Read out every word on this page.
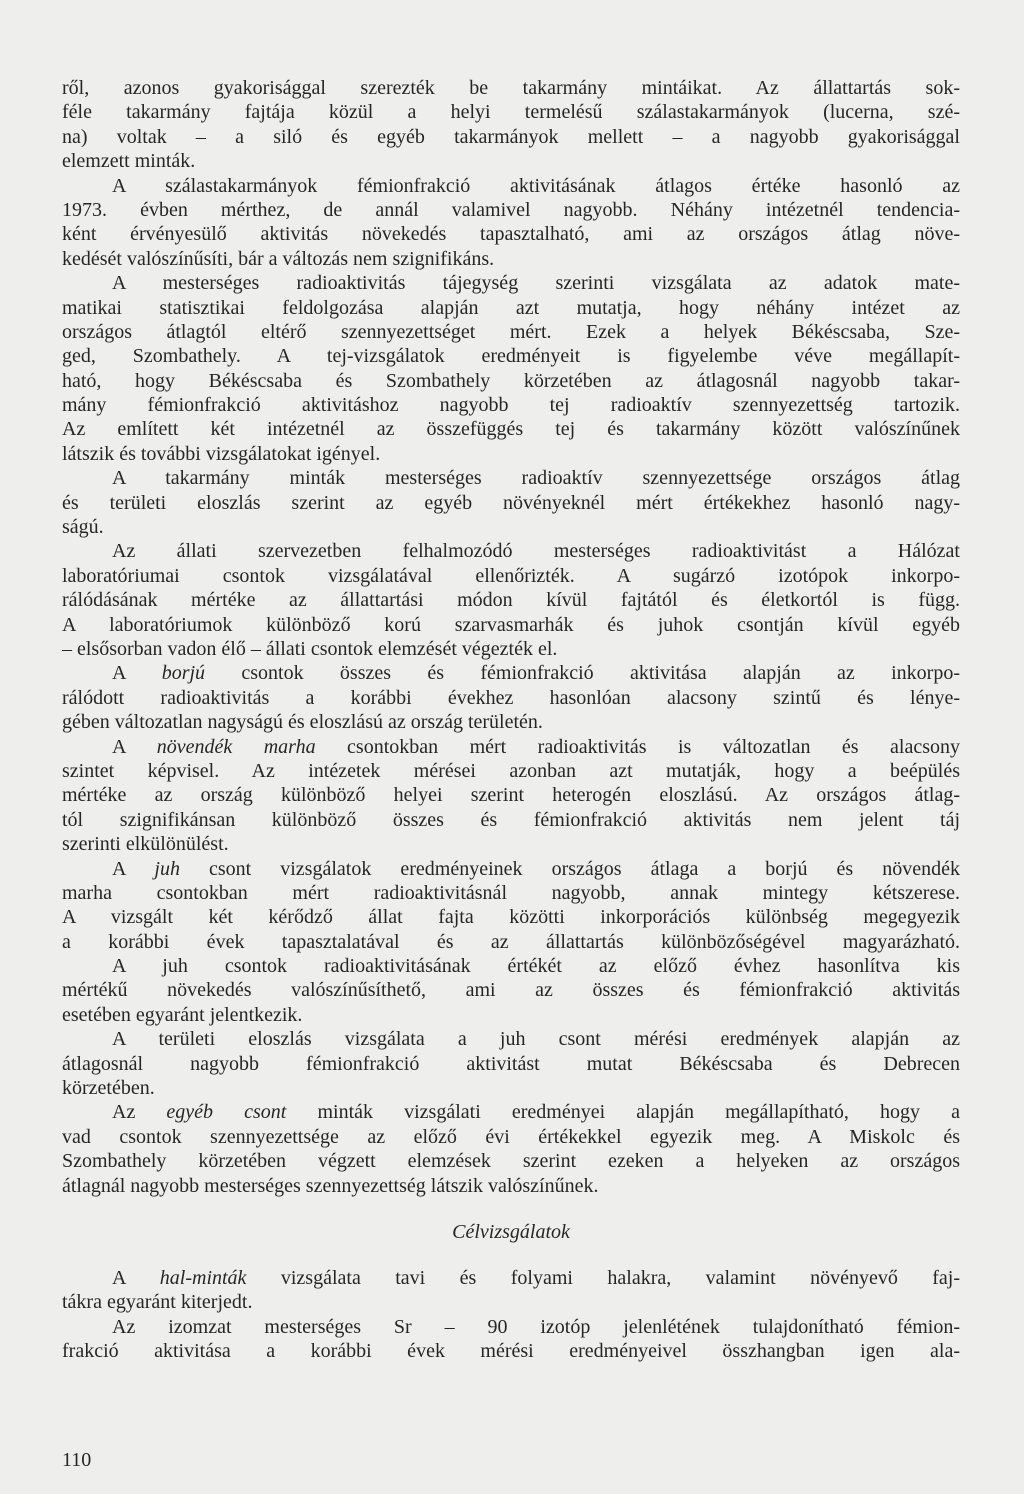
ről, azonos gyakorisággal szerezték be takarmány mintáikat. Az állattartás sok-
féle takarmány fajtája közül a helyi termelésű szálastakarmányok (lucerna, szé-
na) voltak – a siló és egyéb takarmányok mellett – a nagyobb gyakorisággal
elemzett minták.
A szálastakarmányok fémionfrakció aktivitásának átlagos értéke hasonló az
1973. évben mérthez, de annál valamivel nagyobb. Néhány intézetnél tendencia-
ként érvényesülő aktivitás növekedés tapasztalható, ami az országos átlag növe-
kedését valószínűsíti, bár a változás nem szignifikáns.
A mesterséges radioaktivitás tájegység szerinti vizsgálata az adatok mate-
matikai statisztikai feldolgozása alapján azt mutatja, hogy néhány intézet az
országos átlagtól eltérő szennyezettséget mért. Ezek a helyek Békéscsaba, Sze-
ged, Szombathely. A tej-vizsgálatok eredményeit is figyelembe véve megállapít-
ható, hogy Békéscsaba és Szombathely körzetében az átlagosnál nagyobb takar-
mány fémionfrakció aktivitáshoz nagyobb tej radioaktív szennyezettség tartozik.
Az említett két intézetnél az összefüggés tej és takarmány között valószínűnek
látszik és további vizsgálatokat igényel.
A takarmány minták mesterséges radioaktív szennyezettsége országos átlag
és területi eloszlás szerint az egyéb növényeknél mért értékekhez hasonló nagy-
ságú.
Az állati szervezetben felhalmozódó mesterséges radioaktivitást a Hálózat
laboratóriumai csontok vizsgálatával ellenőrizték. A sugárzó izotópok inkorpo-
rálódásának mértéke az állattartási módon kívül fajtától és életkortól is függ.
A laboratóriumok különböző korú szarvasmarhák és juhok csontján kívül egyéb
– elsősorban vadon élő – állati csontok elemzését végezték el.
A borjú csontok összes és fémionfrakció aktivitása alapján az inkorpo-
rálódott radioaktivitás a korábbi évekhez hasonlóan alacsony szintű és lénye-
gében változatlan nagyságú és eloszlású az ország területén.
A növendék marha csontokban mért radioaktivitás is változatlan és alacsony
szintet képvisel. Az intézetek mérései azonban azt mutatják, hogy a beépülés
mértéke az ország különböző helyei szerint heterogén eloszlású. Az országos átlag-
tól szignifikánsan különböző összes és fémionfrakció aktivitás nem jelent táj
szerinti elkülönülést.
A juh csont vizsgálatok eredményeinek országos átlaga a borjú és növendék
marha csontokban mért radioaktivitásnál nagyobb, annak mintegy kétszerese.
A vizsgált két kérődző állat fajta közötti inkorporációs különbség megegyezik
a korábbi évek tapasztalatával és az állattartás különbözőségével magyarázható.
A juh csontok radioaktivitásának értékét az előző évhez hasonlítva kis
mértékű növekedés valószínűsíthető, ami az összes és fémionfrakció aktivitás
esetében egyaránt jelentkezik.
A területi eloszlás vizsgálata a juh csont mérési eredmények alapján az
átlagosnál nagyobb fémionfrakció aktivitást mutat Békéscsaba és Debrecen
körzetében.
Az egyéb csont minták vizsgálati eredményei alapján megállapítható, hogy a
vad csontok szennyezettsége az előző évi értékekkel egyezik meg. A Miskolc és
Szombathely körzetében végzett elemzések szerint ezeken a helyeken az országos
átlagnál nagyobb mesterséges szennyezettség látszik valószínűnek.
Célvizsgálatok
A hal-minták vizsgálata tavi és folyami halakra, valamint növényevő faj-
tákra egyaránt kiterjedt.
Az izomzat mesterséges Sr – 90 izotóp jelenlétének tulajdonítható fémion-
frakció aktivitása a korábbi évek mérési eredményeivel összhangban igen ala-
110
